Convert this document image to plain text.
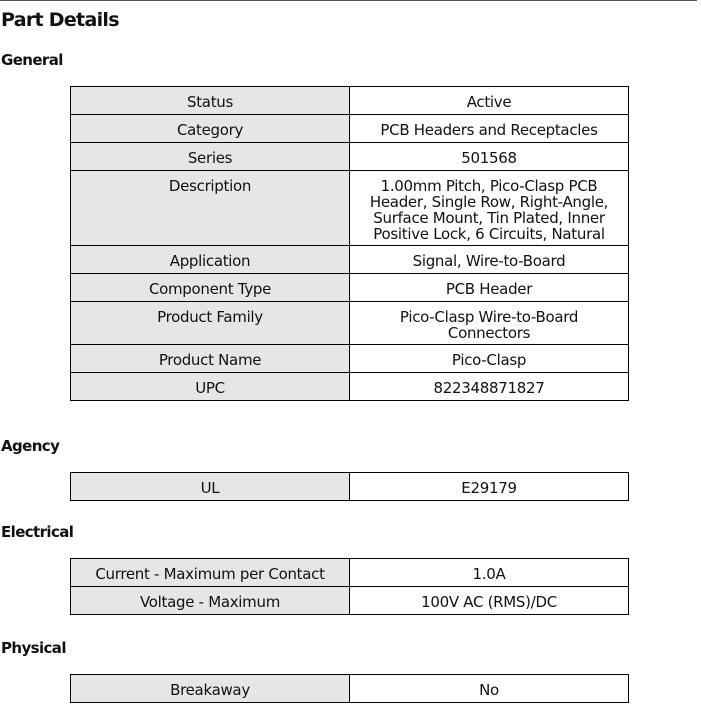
Part Details
General
Status	Active
Category	PCB Headers and Receptacles
Series	501568
Description	1.00mm Pitch, Pico-Clasp PCB Header, Single Row, Right-Angle, Surface Mount, Tin Plated, Inner Positive Lock, 6 Circuits, Natural
Application	Signal, Wire-to-Board
Component Type	PCB Header
Product Family	Pico-Clasp Wire-to-Board Connectors
Product Name	Pico-Clasp
UPC	822348871827
Agency
UL	E29179
Electrical
Current - Maximum per Contact	1.0A
Voltage - Maximum	100V AC (RMS)/DC
Physical
Breakaway	No
